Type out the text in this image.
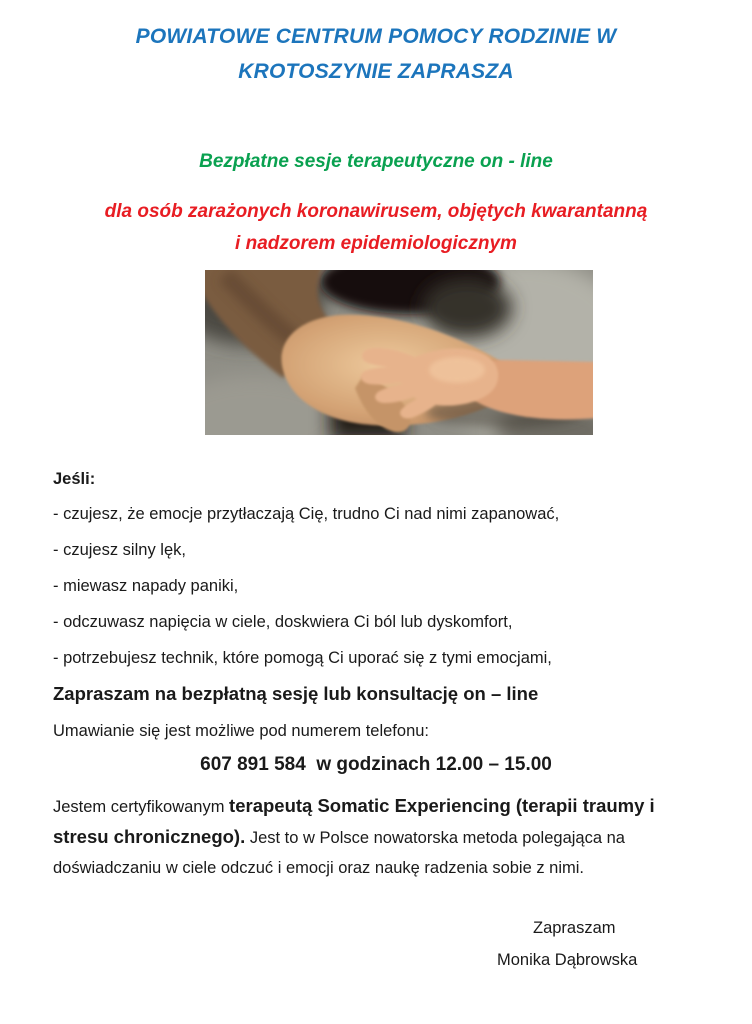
POWIATOWE CENTRUM POMOCY RODZINIE W
KROTOSZYNIE ZAPRASZA
Bezpłatne sesje terapeutyczne on - line
dla osób zarażonych koronawirusem, objętych kwarantanną
i nadzorem epidemiologicznym
Jeśli:
- czujesz, że emocje przytłaczają Cię, trudno Ci nad nimi zapanować,
- czujesz silny lęk,
- miewasz napady paniki,
- odczuwasz napięcia w ciele, doskwiera Ci ból lub dyskomfort,
- potrzebujesz technik, które pomogą Ci uporać się z tymi emocjami,
Zapraszam na bezpłatną sesję lub konsultację on – line
Umawianie się jest możliwe pod numerem telefonu:
607 891 584  w godzinach 12.00 – 15.00
Jestem certyfikowanym terapeutą Somatic Experiencing (terapii traumy i stresu chronicznego). Jest to w Polsce nowatorska metoda polegająca na doświadczaniu w ciele odczuć i emocji oraz naukę radzenia sobie z nimi.
Zapraszam
Monika Dąbrowska
